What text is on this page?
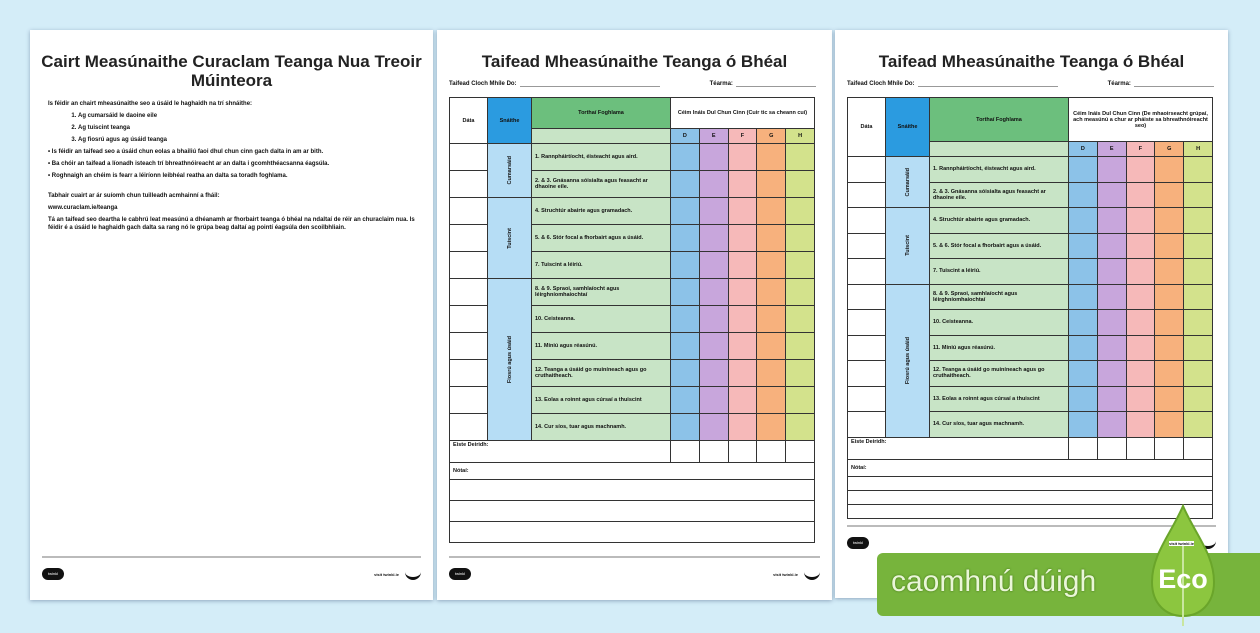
Cairt Measúnaithe Curaclam Teanga Nua Treoir Múinteora

Is féidir an chairt mheasúnaithe seo a úsáid le haghaidh na trí shnáithe:

1. Ag cumarsáid le daoine eile
2. Ag tuiscint teanga
3. Ag fiosrú agus ag úsáid teanga

• Is féidir an taifead seo a úsáid chun eolas a bhailiú faoi dhul chun cinn gach dalta in am ar bith.

• Ba chóir an taifead a líonadh isteach trí bhreathnóireacht ar an dalta i gcomhthéacsanna éagsúla.

• Roghnaigh an chéim is fearr a léiríonn leibhéal reatha an dalta sa toradh foghlama.

Tabhair cuairt ar ár suíomh chun tuilleadh acmhainní a fháil:

www.curaclam.ie/teanga

Tá an taifead seo deartha le cabhrú leat measúnú a dhéanamh ar fhorbairt teanga ó bhéal na ndaltaí de réir an churaclaim nua. Is féidir é a úsáid le haghaidh gach dalta sa rang nó le grúpa beag daltaí ag pointí éagsúla den scoilbhliain.

twinkl	visit twinkl.ie
Taifead Mheasúnaithe Teanga ó Bhéal
Taifead Cloch Mhíle Do:	Téarma:
Dáta	Snáithe	Torthaí Foghlama	Céim Ináis Dul Chun Cinn (Cuir tic sa cheann cuí)				
			D	E	F	G	H

	Cumarsáid	1. Rannpháirtíocht, éisteacht agus aird.					
		2. & 3. Gnásanna sóisialta agus feasacht ar dhaoine eile.					

	Tuiscint	4. Struchtúr abairte agus gramadach.					
		5. & 6. Stór focal a fhorbairt agus a úsáid.					
		7. Tuiscint a léiriú.					

	Fiosrú agus úsáid	8. & 9. Spraoi, samhlaíocht agus léirghníomhaíochtaí					
		10. Ceisteanna.					
		11. Míniú agus réasúnú.					
		12. Teanga a úsáid go muiníneach agus go cruthaitheach.					
		13. Eolas a roinnt agus cúrsaí a thuiscint					
		14. Cur síos, tuar agus machnamh.					
Eiste Deiridh:							
Nótaí:							

twinkl	visit twinkl.ie
Taifead Mheasúnaithe Teanga ó Bhéal
Taifead Cloch Mhíle Do:	Téarma:
Dáta	Snáithe	Torthaí Foghlama	Céim Ináis Dul Chun Cinn (De mhaoirseacht grúpaí, ach measúnú a chur ar pháiste sa bhreathnóireacht seo)				
			D	E	F	G	H

	Cumarsáid	1. Rannpháirtíocht, éisteacht agus aird.					
		2. & 3. Gnásanna sóisialta agus feasacht ar dhaoine eile.					

	Tuiscint	4. Struchtúr abairte agus gramadach.					
		5. & 6. Stór focal a fhorbairt agus a úsáid.					
		7. Tuiscint a léiriú.					

	Fiosrú agus úsáid	8. & 9. Spraoi, samhlaíocht agus léirghníomhaíochtaí					
		10. Ceisteanna.					
		11. Míniú agus réasúnú.					
		12. Teanga a úsáid go muiníneach agus go cruthaitheach.					
		13. Eolas a roinnt agus cúrsaí a thuiscint					
		14. Cur síos, tuar agus machnamh.					
Eiste Deiridh:							
Nótaí:							

twinkl	visit twinkl.ie
caomhnú dúigh Eco
